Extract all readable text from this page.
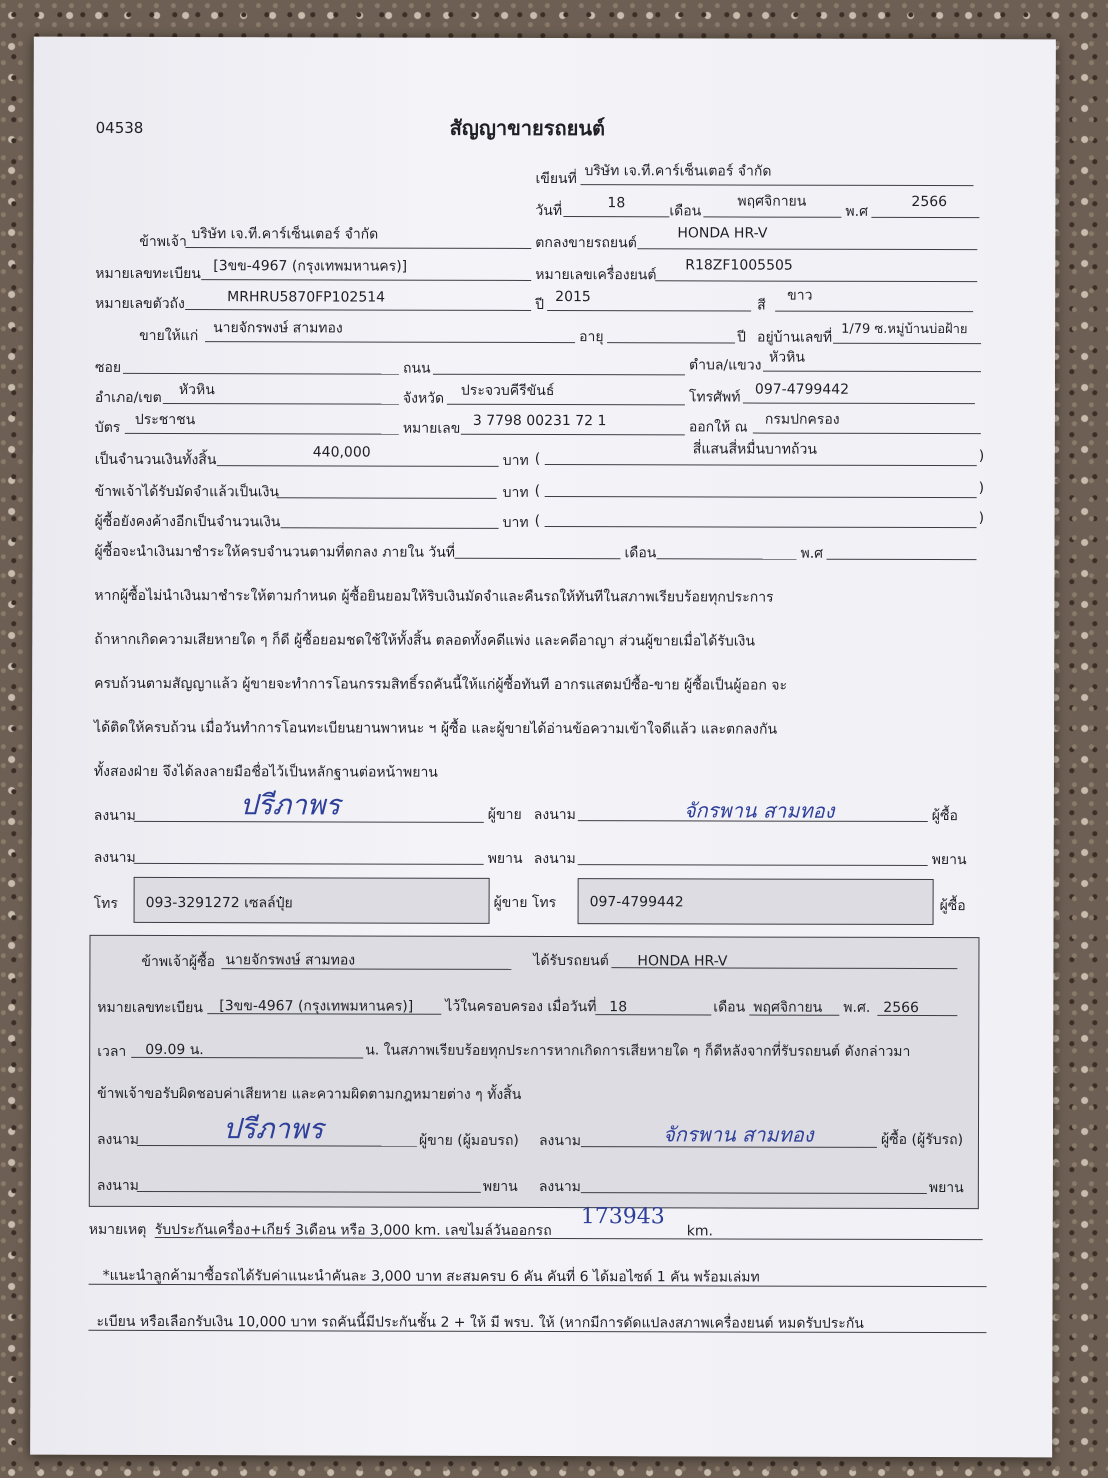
04538	สัญญาขายรถยนต์
เขียนที่ บริษัท เจ.ที.คาร์เซ็นเตอร์ จำกัด
วันที่	18
เดือน
พฤศจิกายน
พ.ศ
2566
ข้าพเจ้า บริษัท เจ.ที.คาร์เซ็นเตอร์ จำกัด
ตกลงขายรถยนต์
HONDA HR-V
หมายเลขทะเบียน [3ขข-4967 (กรุงเทพมหานคร)]
หมายเลขเครื่องยนต์
R18ZF1005505
หมายเลขตัวถัง	MRHRU5870FP102514	ปี 2015
สี
ขาว
ขายให้แก่ นายจักรพงษ์ สามทอง
อายุ	ปี อยู่บ้านเลขที่
1/79 ซ.หมู่บ้านบ่อฝ้าย
ซอย	ถนน	ตำบล/แขวง หัวหิน
อำเภอ/เขต หัวหิน
จังหวัด ประจวบคีรีขันธ์	โทรศัพท์ 097-4799442
บัตร ประชาชน
หมายเลข 3 7798 00231 72 1	ออกให้ ณ กรมปกครอง
เป็นจำนวนเงินทั้งสิ้น	440,000
บาท (
สี่แสนสี่หมื่นบาทถ้วน	)
ข้าพเจ้าได้รับมัดจำแล้วเป็นเงิน	บาท (	)
ผู้ซื้อยังคงค้างอีกเป็นจำนวนเงิน	บาท (	)
ผู้ซื้อจะนำเงินมาชำระให้ครบจำนวนตามที่ตกลง ภายใน วันที่	เดือน	พ.ศ
หากผู้ซื้อไม่นำเงินมาชำระให้ตามกำหนด ผู้ซื้อยินยอมให้ริบเงินมัดจำและคืนรถให้ทันทีในสภาพเรียบร้อยทุกประการ
ถ้าหากเกิดความเสียหายใด ๆ ก็ดี ผู้ซื้อยอมชดใช้ให้ทั้งสิ้น ตลอดทั้งคดีแพ่ง และคดีอาญา ส่วนผู้ขายเมื่อได้รับเงิน
ครบถ้วนตามสัญญาแล้ว ผู้ขายจะทำการโอนกรรมสิทธิ์รถคันนี้ให้แก่ผู้ซื้อทันที อากรแสตมป์ซื้อ-ขาย ผู้ซื้อเป็นผู้ออก จะ
ได้ติดให้ครบถ้วน เมื่อวันทำการโอนทะเบียนยานพาหนะ ฯ ผู้ซื้อ และผู้ขายได้อ่านข้อความเข้าใจดีแล้ว และตกลงกัน
ทั้งสองฝ่าย จึงได้ลงลายมือชื่อไว้เป็นหลักฐานต่อหน้าพยาน
ลงนาม	ปรีภาพร	ผู้ขาย ลงนาม	จักรพาน สามทอง	ผู้ซื้อ
ลงนาม	พยาน ลงนาม	พยาน
โทร 093-3291272 เซลล์ปุ๋ย	ผู้ขาย โทร 097-4799442	ผู้ซื้อ
ข้าพเจ้าผู้ซื้อ นายจักรพงษ์ สามทอง	ได้รับรถยนต์ HONDA HR-V
หมายเลขทะเบียน [3ขข-4967 (กรุงเทพมหานคร)] ไว้ในครอบครอง เมื่อวันที่ 18	เดือน พฤศจิกายน พ.ศ. 2566
เวลา 09.09 น.	น. ในสภาพเรียบร้อยทุกประการหากเกิดการเสียหายใด ๆ ก็ดีหลังจากที่รับรถยนต์ ดังกล่าวมา
ข้าพเจ้าขอรับผิดชอบค่าเสียหาย และความผิดตามกฎหมายต่าง ๆ ทั้งสิ้น
ลงนาม	ปรีภาพร	ผู้ขาย (ผู้มอบรถ) ลงนาม	จักรพาน สามทอง	ผู้ซื้อ (ผู้รับรถ)
ลงนาม	พยาน ลงนาม	พยาน
หมายเหตุ รับประกันเครื่อง+เกียร์ 3เดือน หรือ 3,000 km. เลขไมล์วันออกรถ
173943
km.
*แนะนำลูกค้ามาซื้อรถได้รับค่าแนะนำคันละ 3,000 บาท สะสมครบ 6 คัน คันที่ 6 ได้มอไซด์ 1 คัน พร้อมเล่มท
ะเบียน หรือเลือกรับเงิน 10,000 บาท รถคันนี้มีประกันชั้น 2 + ให้ มี พรบ. ให้ (หากมีการดัดแปลงสภาพเครื่องยนต์ หมดรับประกัน
